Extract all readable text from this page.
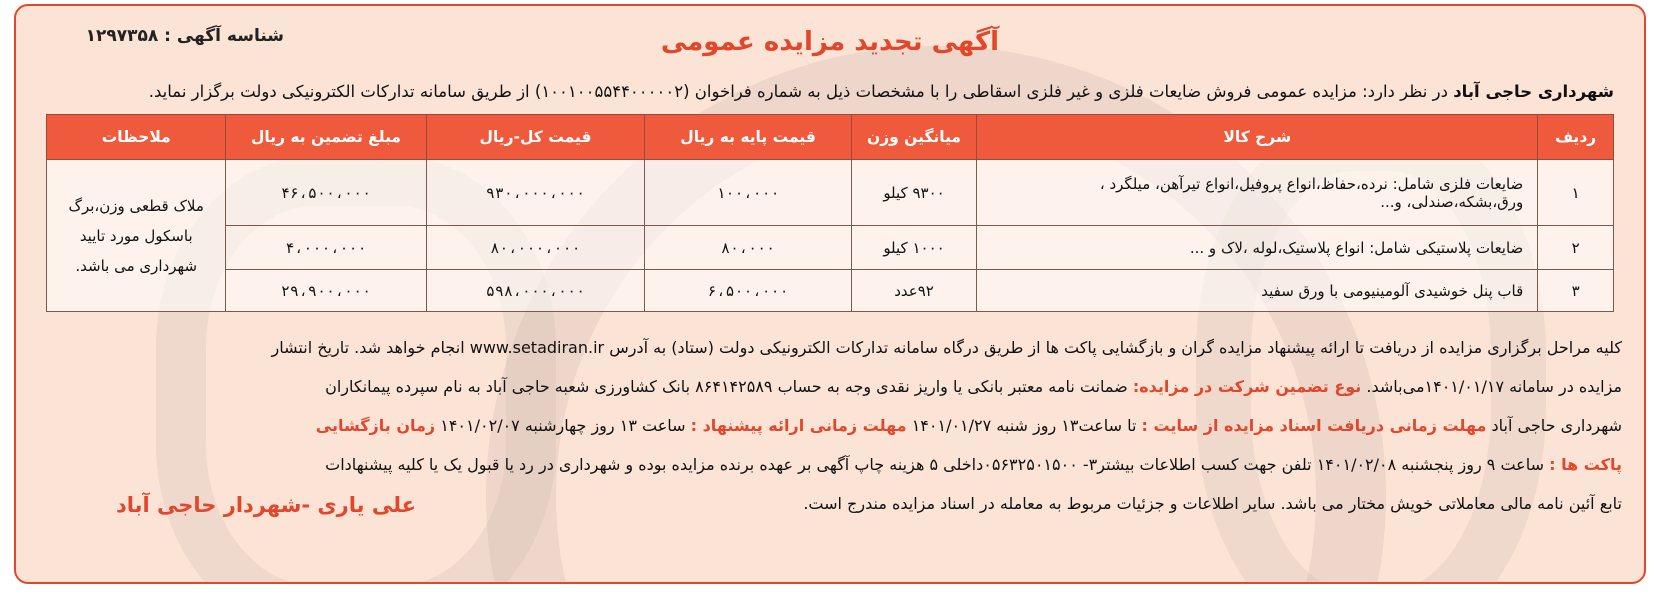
آگهی تجدید مزایده عمومی
شناسه آگهی : ۱۲۹۷۳۵۸
شهرداری حاجی آباد در نظر دارد: مزایده عمومی فروش ضایعات فلزی و غیر فلزی اسقاطی را با مشخصات ذیل به شماره فراخوان (۱۰۰۱۰۰۵۵۴۴۰۰۰۰۰۲) از طریق سامانه تدارکات الکترونیکی دولت برگزار نماید.
ردیف	شرح کالا	میانگین وزن	قیمت پایه به ریال	قیمت کل-ریال	مبلغ تضمین به ریال	ملاحظات
۱	ضایعات فلزی شامل: نرده،حفاظ،انواع پروفیل،انواع تیرآهن، میلگرد ، ورق،بشکه،صندلی، و...	۹۳۰۰ کیلو	۱۰۰،۰۰۰	۹۳۰،۰۰۰،۰۰۰	۴۶،۵۰۰،۰۰۰	ملاک قطعی وزن،برگ
باسکول مورد تایید
شهرداری می باشد.

۲	ضایعات پلاستیکی شامل: انواع پلاستیک،لوله ،لاک و ...	۱۰۰۰ کیلو	۸۰،۰۰۰	۸۰،۰۰۰،۰۰۰	۴،۰۰۰،۰۰۰	
۳	قاب پنل خوشیدی آلومینیومی با ورق سفید	۹۲عدد	۶،۵۰۰،۰۰۰	۵۹۸،۰۰۰،۰۰۰	۲۹،۹۰۰،۰۰۰	
کلیه مراحل برگزاری مزایده از دریافت تا ارائه پیشنهاد مزایده گران و بازگشایی پاکت ها از طریق درگاه سامانه تدارکات الکترونیکی دولت (ستاد) به آدرس www.setadiran.ir انجام خواهد شد. تاریخ انتشار
مزایده در سامانه ۱۴۰۱/۰۱/۱۷می‌باشد. نوع تضمین شرکت در مزایده: ضمانت نامه معتبر بانکی یا واریز نقدی وجه به حساب ۸۶۴۱۴۲۵۸۹ بانک کشاورزی شعبه حاجی آباد به نام سپرده پیمانکاران
شهرداری حاجی آباد مهلت زمانی دریافت اسناد مزایده از سایت : تا ساعت۱۳ روز شنبه ۱۴۰۱/۰۱/۲۷ مهلت زمانی ارائه پیشنهاد : ساعت ۱۳ روز چهارشنبه ۱۴۰۱/۰۲/۰۷ زمان بازگشایی
پاکت ها : ساعت ۹ روز پنجشنبه ۱۴۰۱/۰۲/۰۸ تلفن جهت کسب اطلاعات بیشتر۳- ۰۵۶۳۲۵۰۱۵۰۰داخلی ۵ هزینه چاپ آگهی بر عهده برنده مزایده بوده و شهرداری در رد یا قبول یک یا کلیه پیشنهادات
تابع آئین نامه مالی معاملاتی خویش مختار می باشد. سایر اطلاعات و جزئیات مربوط به معامله در اسناد مزایده مندرج است.
علی یاری -شهردار حاجی آباد
